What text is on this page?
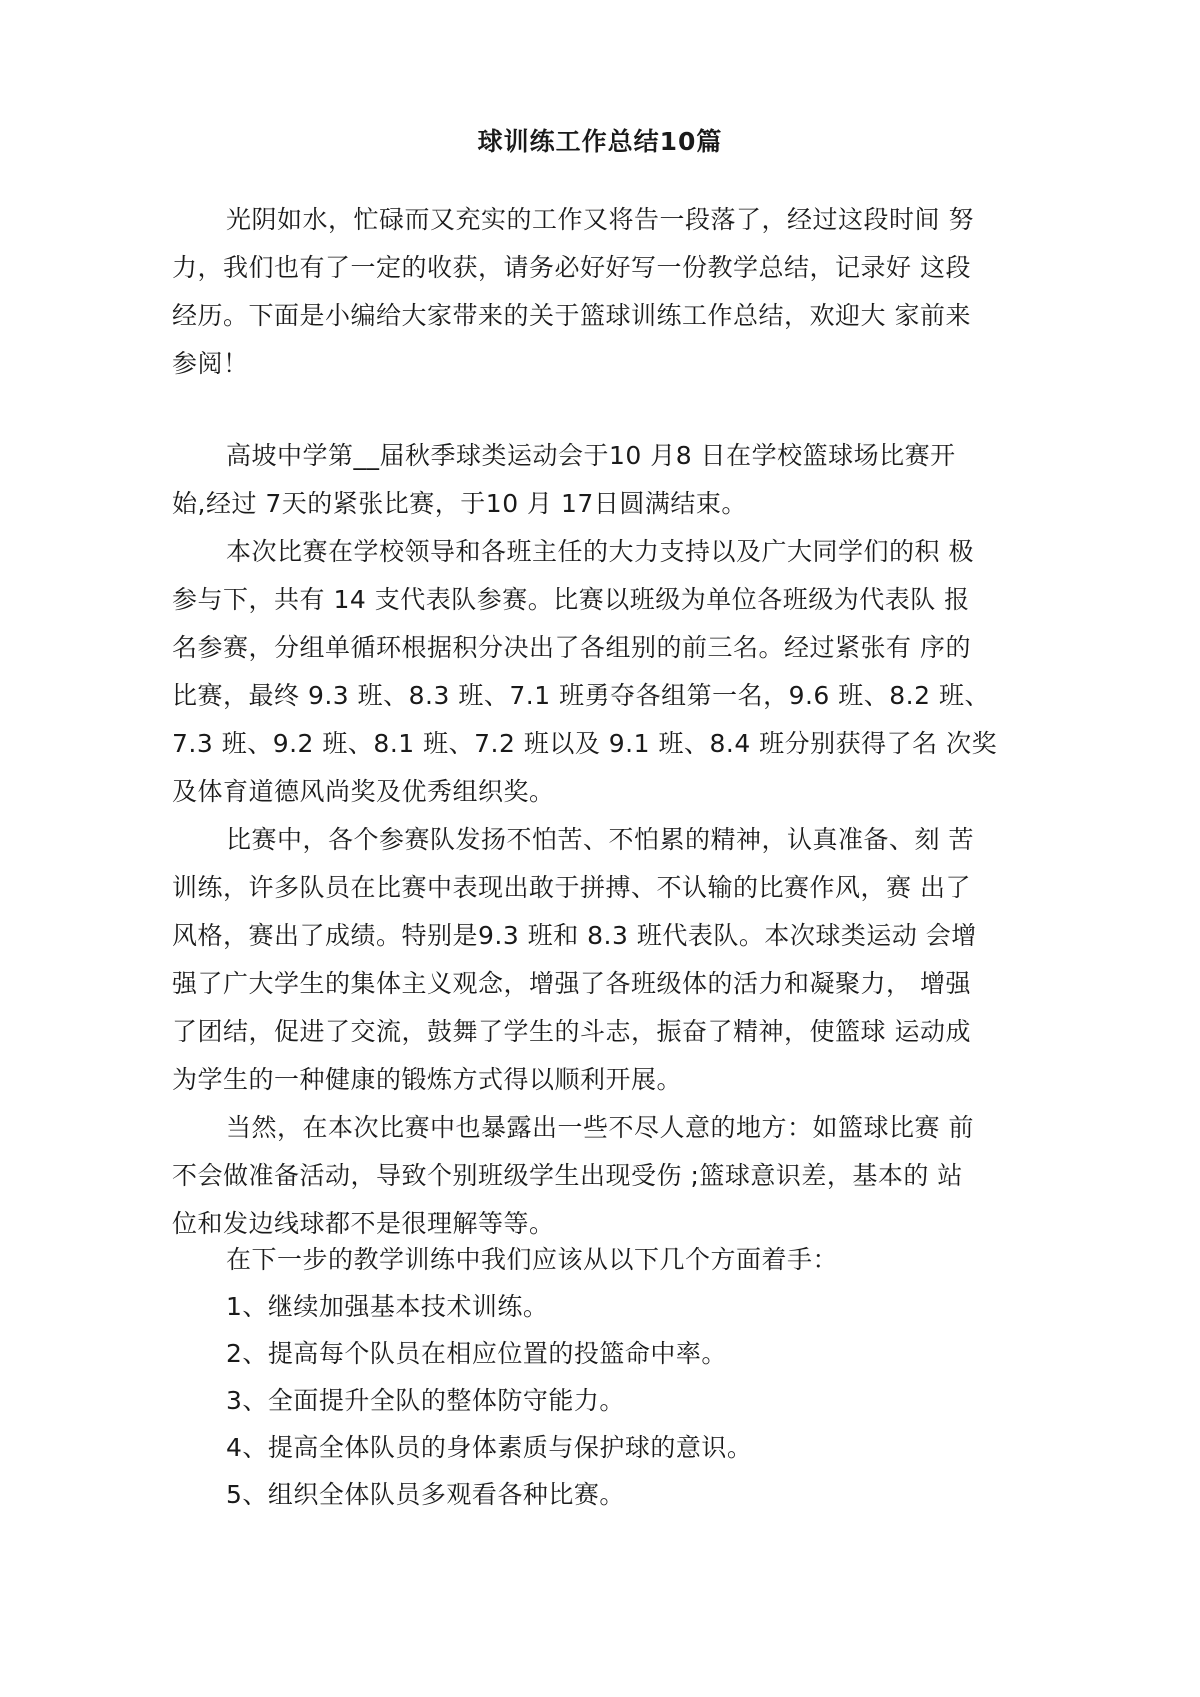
球训练工作总结10篇
光阴如水，忙碌而又充实的工作又将告一段落了，经过这段时间 努
力，我们也有了一定的收获，请务必好好写一份教学总结，记录好 这段
经历。下面是小编给大家带来的关于篮球训练工作总结，欢迎大 家前来
参阅！
高坡中学第__届秋季球类运动会于10 月8 日在学校篮球场比赛开
始,经过 7天的紧张比赛，于10 月 17日圆满结束。
本次比赛在学校领导和各班主任的大力支持以及广大同学们的积 极
参与下，共有 14 支代表队参赛。比赛以班级为单位各班级为代表队 报
名参赛，分组单循环根据积分决出了各组别的前三名。经过紧张有 序的
比赛，最终 9.3 班、8.3 班、7.1 班勇夺各组第一名，9.6 班、8.2 班、
7.3 班、9.2 班、8.1 班、7.2 班以及 9.1 班、8.4 班分别获得了名 次奖
及体育道德风尚奖及优秀组织奖。
比赛中，各个参赛队发扬不怕苦、不怕累的精神，认真准备、刻 苦
训练，许多队员在比赛中表现出敢于拼搏、不认输的比赛作风，赛 出了
风格，赛出了成绩。特别是9.3 班和 8.3 班代表队。本次球类运动 会增
强了广大学生的集体主义观念，增强了各班级体的活力和凝聚力， 增强
了团结，促进了交流，鼓舞了学生的斗志，振奋了精神，使篮球 运动成
为学生的一种健康的锻炼方式得以顺利开展。
当然，在本次比赛中也暴露出一些不尽人意的地方：如篮球比赛 前
不会做准备活动，导致个别班级学生出现受伤 ;篮球意识差，基本的 站
位和发边线球都不是很理解等等。
在下一步的教学训练中我们应该从以下几个方面着手：
1、继续加强基本技术训练。
2、提高每个队员在相应位置的投篮命中率。
3、全面提升全队的整体防守能力。
4、提高全体队员的身体素质与保护球的意识。
5、组织全体队员多观看各种比赛。
